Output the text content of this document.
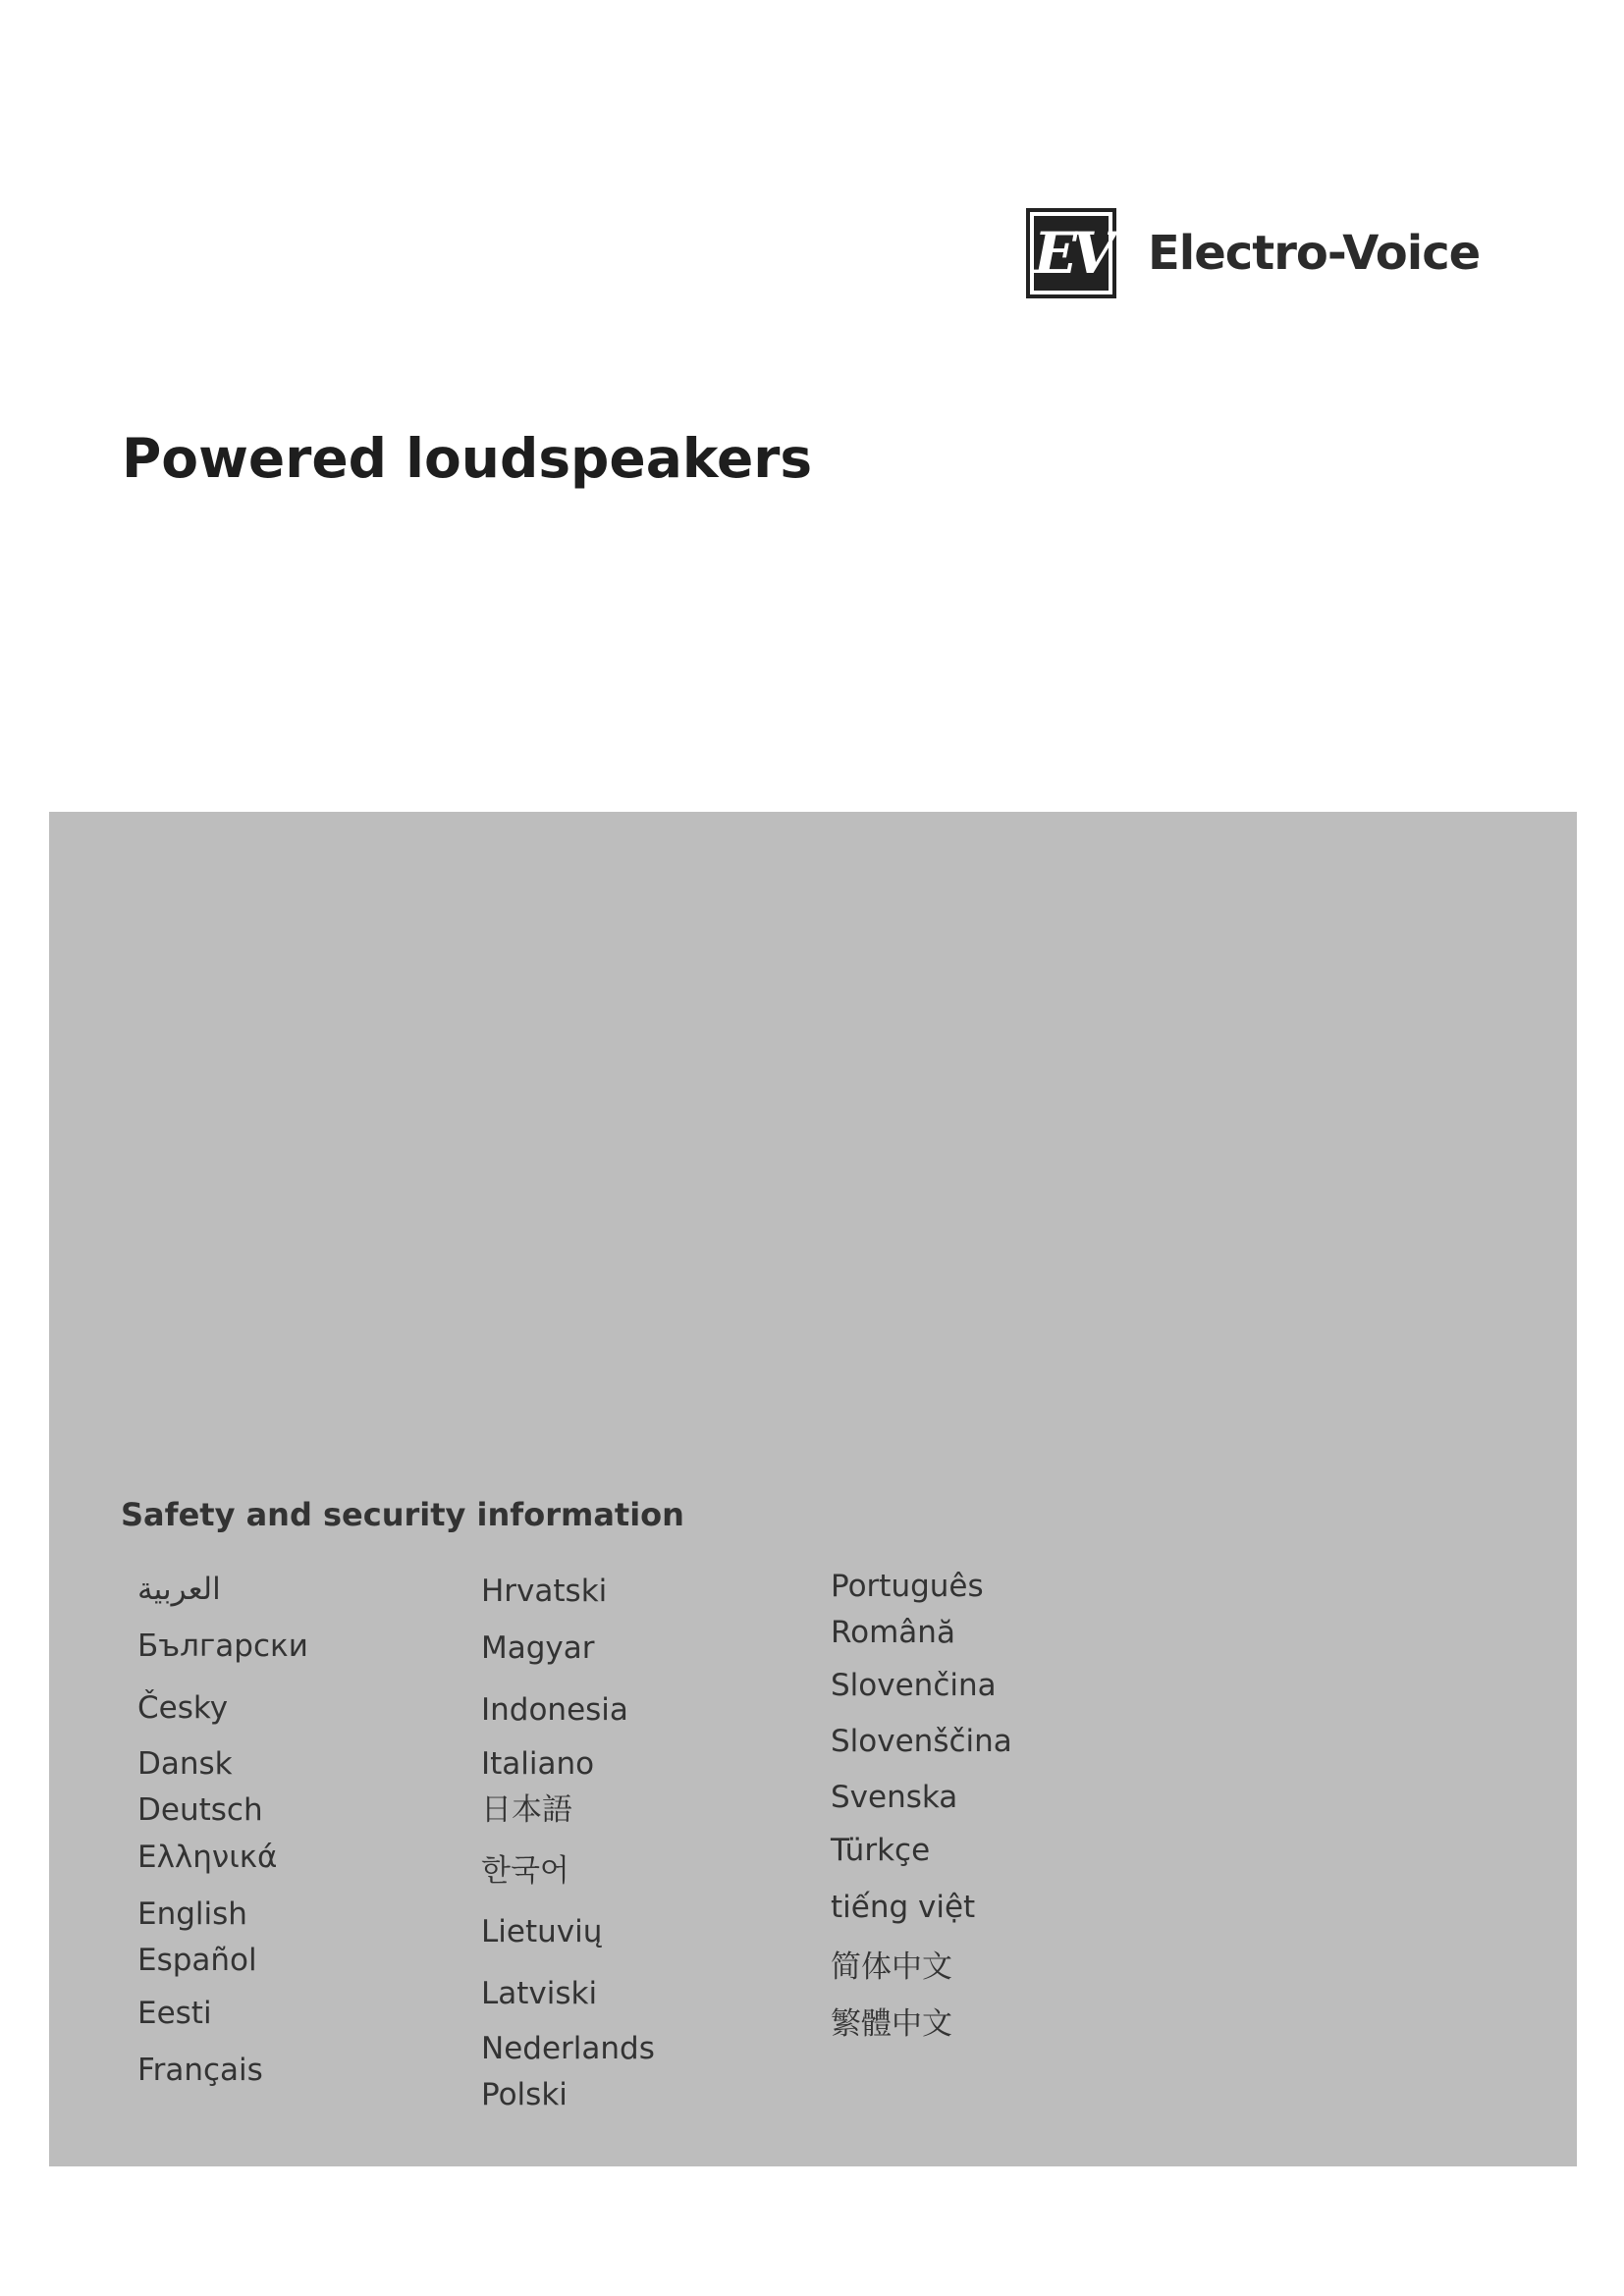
EV Electro-Voice
Powered loudspeakers
Safety and security information
العربية
Български
Česky
Dansk
Deutsch
Ελληνικά
English
Español
Eesti
Français
Hrvatski
Magyar
Indonesia
Italiano
日本語
한국어
Lietuvių
Latviski
Nederlands
Polski
Português
Română
Slovenčina
Slovenščina
Svenska
Türkçe
tiếng việt
简体中文
繁體中文
